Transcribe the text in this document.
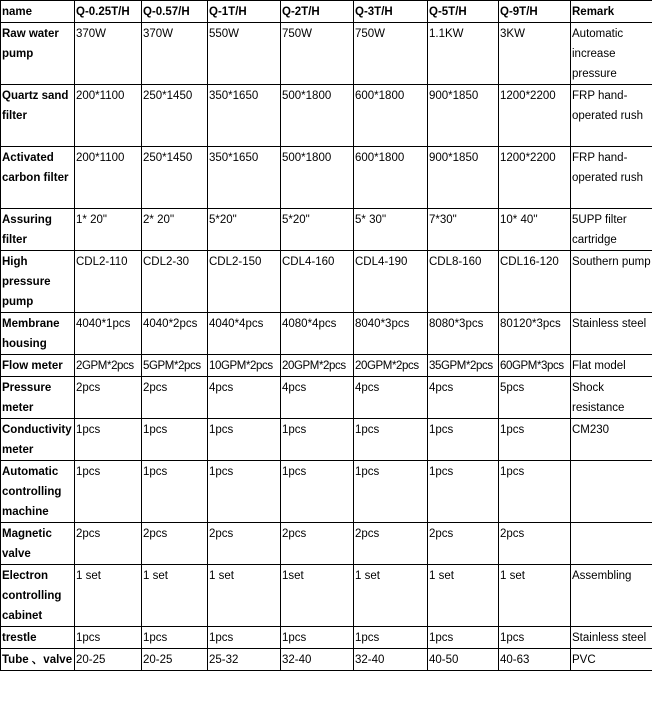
name	Q-0.25T/H	Q-0.57/H	Q-1T/H	Q-2T/H	Q-3T/H	Q-5T/H	Q-9T/H	Remark
Raw water pump	370W	370W	550W	750W	750W	1.1KW	3KW	Automatic increase pressure
Quartz sand filter	200*1100	250*1450	350*1650	500*1800	600*1800	900*1850	1200*2200	FRP hand-operated rush
Activated carbon filter	200*1100	250*1450	350*1650	500*1800	600*1800	900*1850	1200*2200	FRP hand-operated rush
Assuring filter	1* 20"	2* 20''	5*20"	5*20"	5* 30''	7*30"	10* 40''	5UPP filter cartridge
High pressure pump	CDL2-110	CDL2-30	CDL2-150	CDL4-160	CDL4-190	CDL8-160	CDL16-120	Southern pump
Membrane housing	4040*1pcs	4040*2pcs	4040*4pcs	4080*4pcs	8040*3pcs	8080*3pcs	80120*3pcs	Stainless steel
Flow meter	2GPM*2pcs	5GPM*2pcs	10GPM*2pcs	20GPM*2pcs	20GPM*2pcs	35GPM*2pcs	60GPM*3pcs	Flat model
Pressure meter	2pcs	2pcs	4pcs	4pcs	4pcs	4pcs	5pcs	Shock resistance
Conductivity meter	1pcs	1pcs	1pcs	1pcs	1pcs	1pcs	1pcs	CM230
Automatic controlling machine	1pcs	1pcs	1pcs	1pcs	1pcs	1pcs	1pcs	
Magnetic valve	2pcs	2pcs	2pcs	2pcs	2pcs	2pcs	2pcs	
Electron controlling cabinet	1 set	1 set	1 set	1set	1 set	1 set	1 set	Assembling
trestle	1pcs	1pcs	1pcs	1pcs	1pcs	1pcs	1pcs	Stainless steel
Tube 、valve	20-25	20-25	25-32	32-40	32-40	40-50	40-63	PVC
